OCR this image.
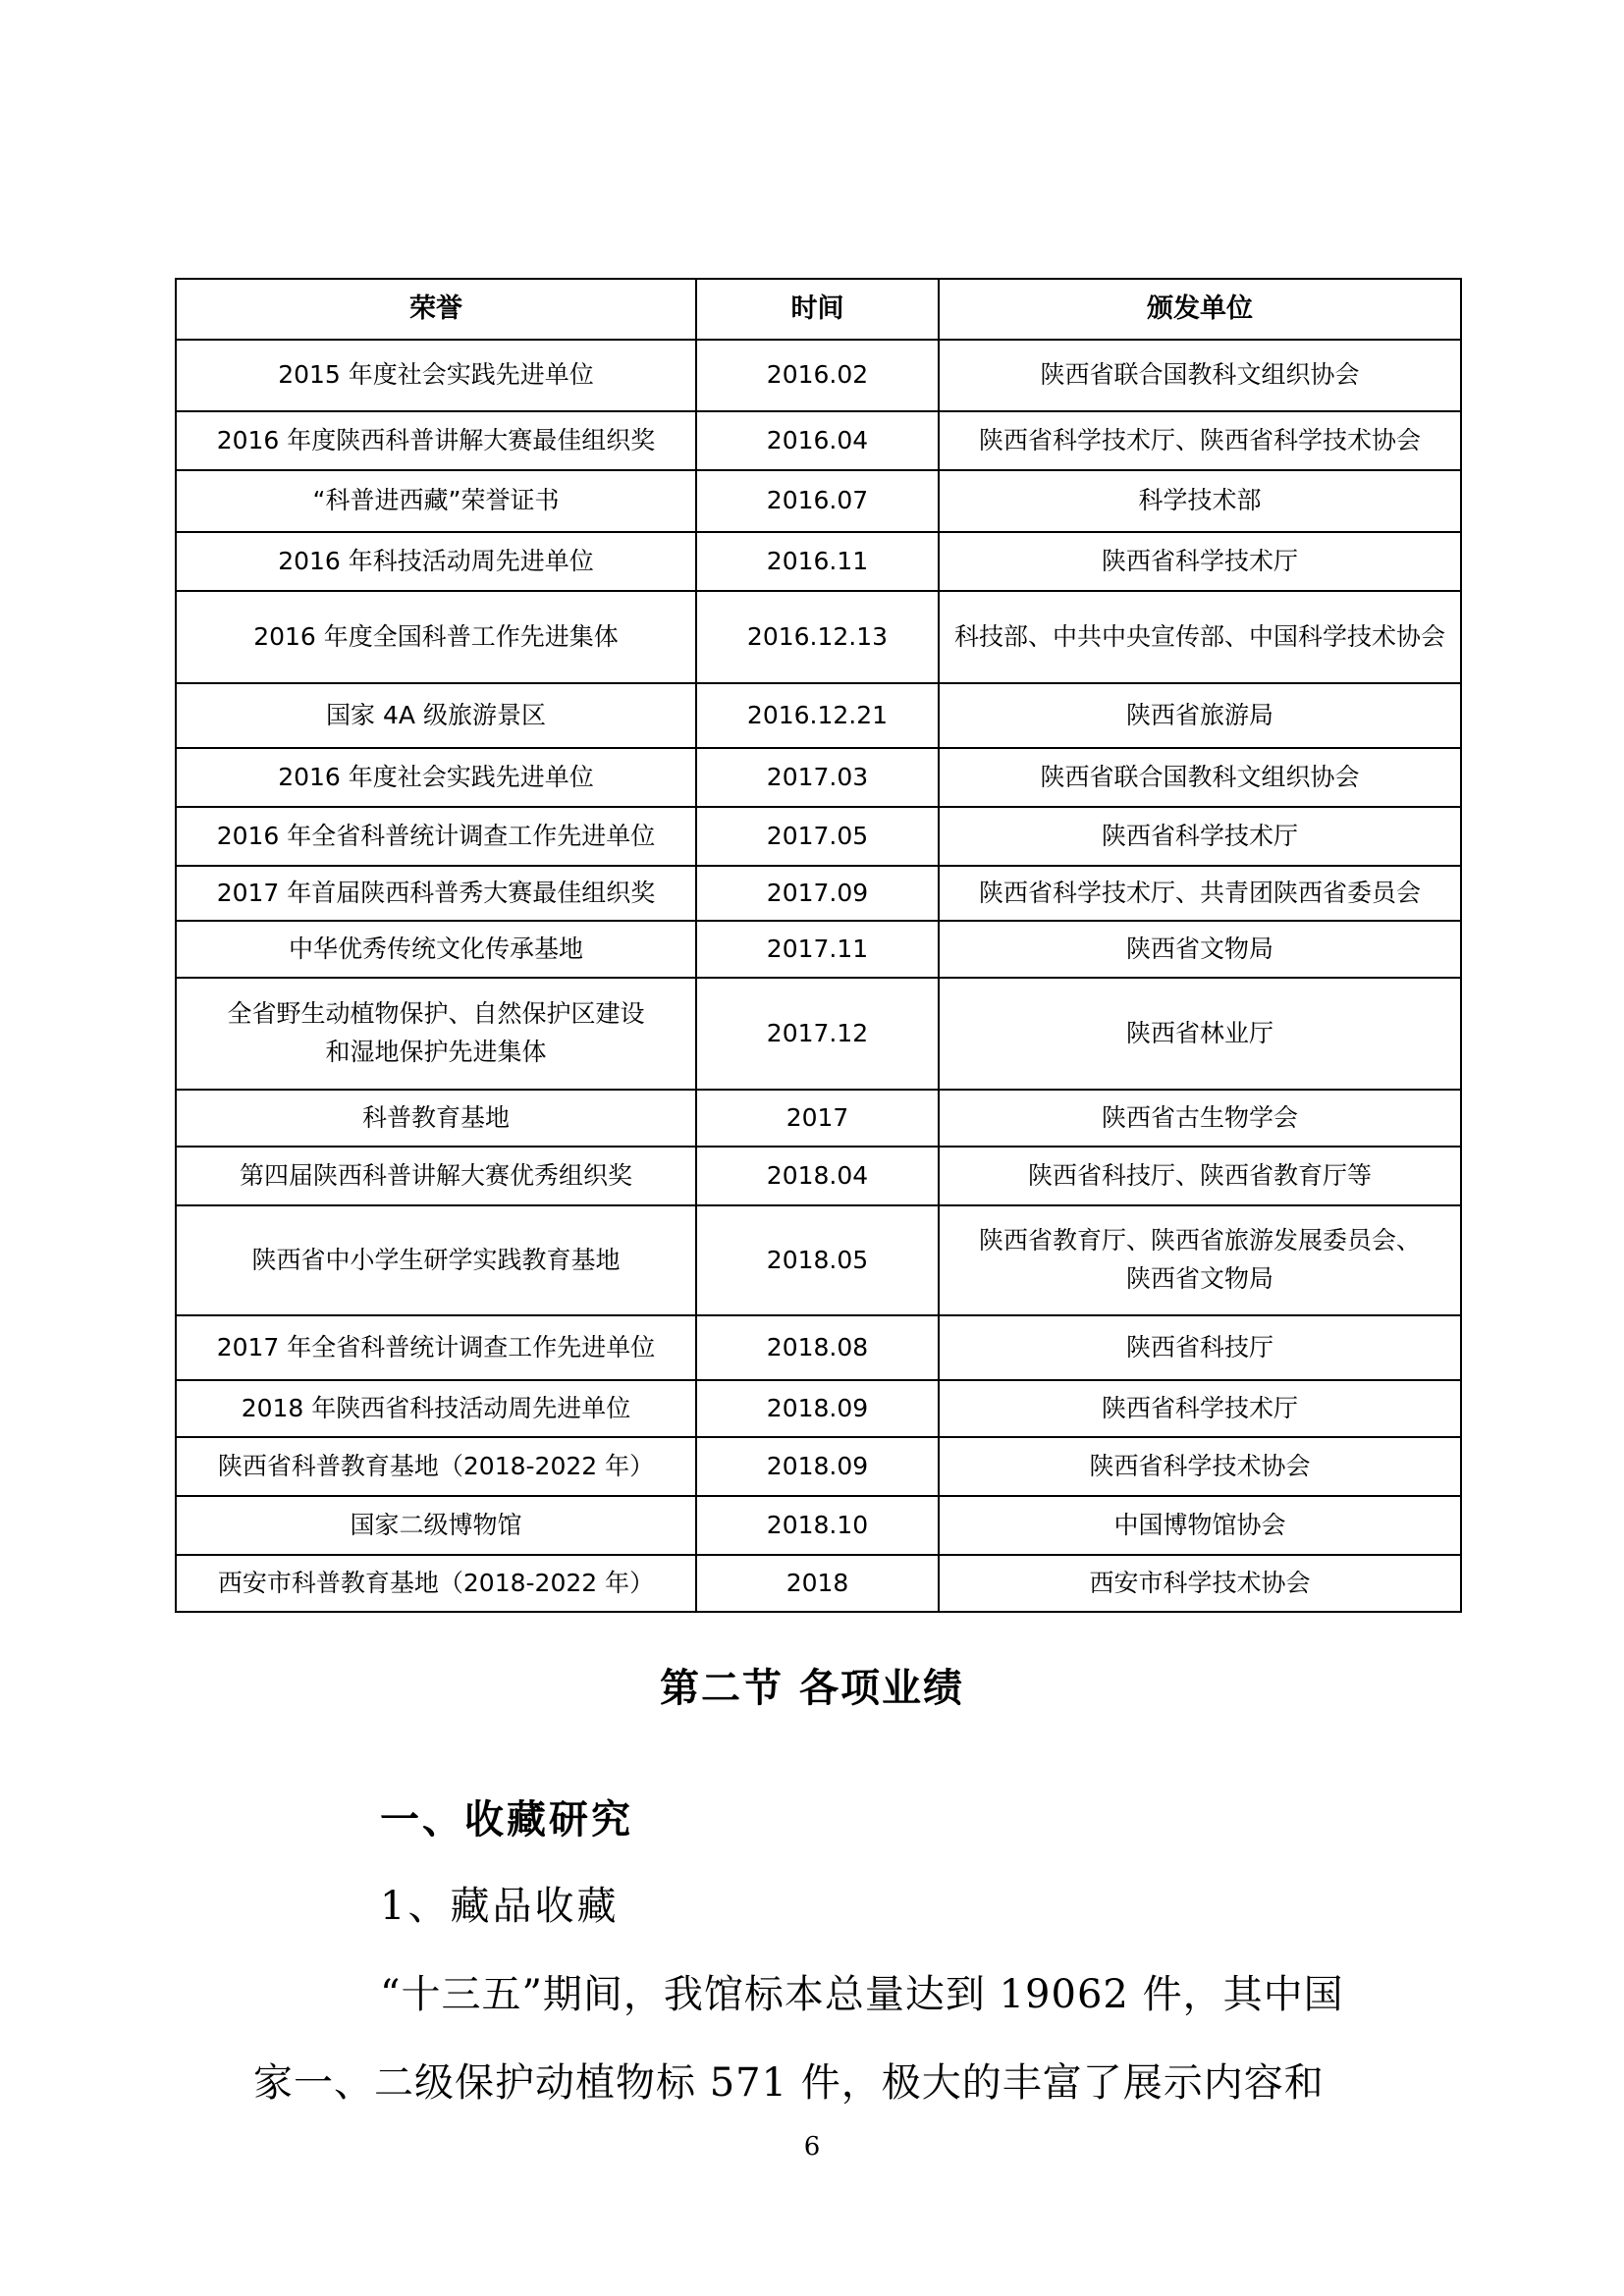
荣誉	时间	颁发单位
2015 年度社会实践先进单位	2016.02	陕西省联合国教科文组织协会
2016 年度陕西科普讲解大赛最佳组织奖	2016.04	陕西省科学技术厅、陕西省科学技术协会
“科普进西藏”荣誉证书	2016.07	科学技术部
2016 年科技活动周先进单位	2016.11	陕西省科学技术厅
2016 年度全国科普工作先进集体	2016.12.13	科技部、中共中央宣传部、中国科学技术协会
国家 4A 级旅游景区	2016.12.21	陕西省旅游局
2016 年度社会实践先进单位	2017.03	陕西省联合国教科文组织协会
2016 年全省科普统计调查工作先进单位	2017.05	陕西省科学技术厅
2017 年首届陕西科普秀大赛最佳组织奖	2017.09	陕西省科学技术厅、共青团陕西省委员会
中华优秀传统文化传承基地	2017.11	陕西省文物局

全省野生动植物保护、自然保护区建设
和湿地保护先进集体	2017.12	陕西省林业厅
科普教育基地	2017	陕西省古生物学会
第四届陕西科普讲解大赛优秀组织奖	2018.04	陕西省科技厅、陕西省教育厅等
陕西省中小学生研学实践教育基地	2018.05	陕西省教育厅、陕西省旅游发展委员会、
陕西省文物局

2017 年全省科普统计调查工作先进单位	2018.08	陕西省科技厅
2018 年陕西省科技活动周先进单位	2018.09	陕西省科学技术厅
陕西省科普教育基地（2018-2022 年）	2018.09	陕西省科学技术协会
国家二级博物馆	2018.10	中国博物馆协会
西安市科普教育基地（2018-2022 年）	2018	西安市科学技术协会
第二节 各项业绩
一、收藏研究
1、藏品收藏
“十三五”期间，我馆标本总量达到 19062 件，其中国
家一、二级保护动植物标 571 件，极大的丰富了展示内容和
6
